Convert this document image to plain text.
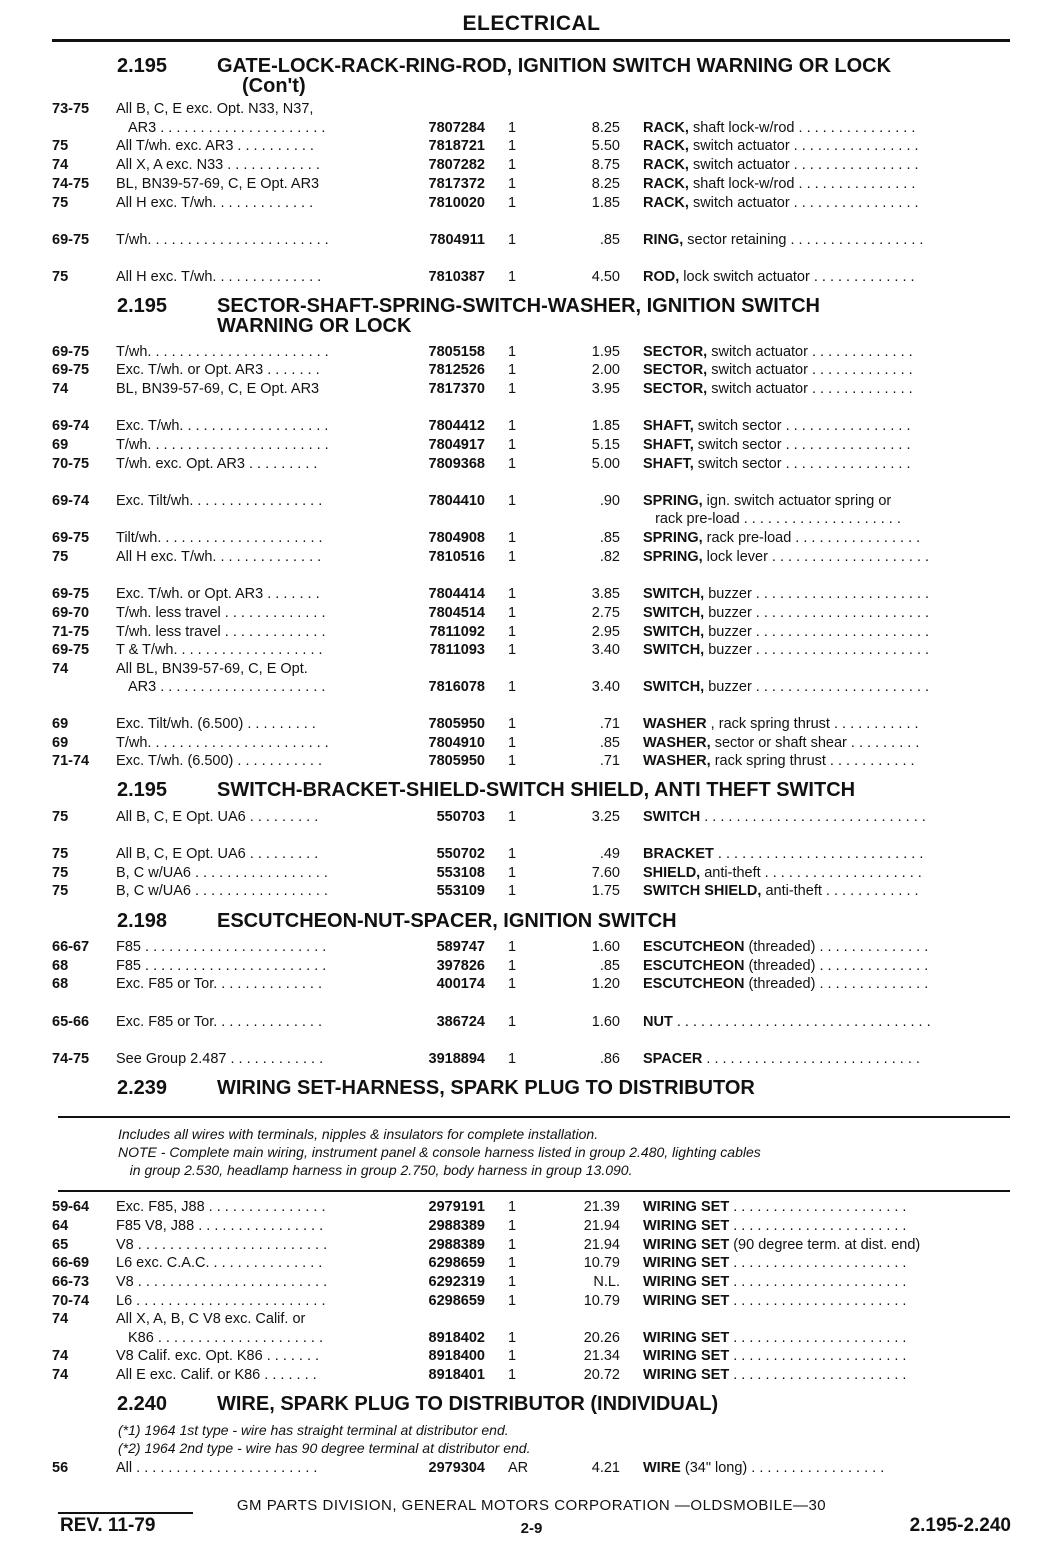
ELECTRICAL
2.195 GATE-LOCK-RACK-RING-ROD, IGNITION SWITCH WARNING OR LOCK
(Con't)
2.195 SECTOR-SHAFT-SPRING-SWITCH-WASHER, IGNITION SWITCH
WARNING OR LOCK
2.195 SWITCH-BRACKET-SHIELD-SWITCH SHIELD, ANTI THEFT SWITCH
2.198 ESCUTCHEON-NUT-SPACER, IGNITION SWITCH
2.239 WIRING SET-HARNESS, SPARK PLUG TO DISTRIBUTOR
Includes all wires with terminals, nipples & insulators for complete installation.
NOTE - Complete main wiring, instrument panel & console harness listed in group 2.480, lighting cables
in group 2.530, headlamp harness in group 2.750, body harness in group 13.090.
2.240 WIRE, SPARK PLUG TO DISTRIBUTOR (INDIVIDUAL)
(*1) 1964 1st type - wire has straight terminal at distributor end.
(*2) 1964 2nd type - wire has 90 degree terminal at distributor end.
73-75 All B, C, E exc. Opt. N33, N37,
AR3 . . . . . . . . . . . . . . . . . . . . .	7807284 1	8.25 RACK, shaft lock-w/rod . . . . . . . . . . . . . . .
75	All T/wh. exc. AR3 . . . . . . . . . .	7818721 1	5.50 RACK, switch actuator . . . . . . . . . . . . . . . .
74	All X, A exc. N33 . . . . . . . . . . . .	7807282 1	8.75 RACK, switch actuator . . . . . . . . . . . . . . . .
74-75 BL, BN39-57-69, C, E Opt. AR3	7817372 1	8.25 RACK, shaft lock-w/rod . . . . . . . . . . . . . . .
75	All H exc. T/wh. . . . . . . . . . . . .	7810020 1	1.85 RACK, switch actuator . . . . . . . . . . . . . . . .
69-75 T/wh. . . . . . . . . . . . . . . . . . . . . . .	7804911 1	.85 RING, sector retaining . . . . . . . . . . . . . . . . .
75	All H exc. T/wh. . . . . . . . . . . . . .	7810387 1	4.50 ROD, lock switch actuator . . . . . . . . . . . . .
69-75 T/wh. . . . . . . . . . . . . . . . . . . . . . .	7805158 1	1.95 SECTOR, switch actuator . . . . . . . . . . . . .
69-75 Exc. T/wh. or Opt. AR3 . . . . . . .	7812526 1	2.00 SECTOR, switch actuator . . . . . . . . . . . . .
74	BL, BN39-57-69, C, E Opt. AR3	7817370 1	3.95 SECTOR, switch actuator . . . . . . . . . . . . .
69-74 Exc. T/wh. . . . . . . . . . . . . . . . . . .	7804412 1	1.85 SHAFT, switch sector . . . . . . . . . . . . . . . .
69	T/wh. . . . . . . . . . . . . . . . . . . . . . .	7804917 1	5.15 SHAFT, switch sector . . . . . . . . . . . . . . . .
70-75 T/wh. exc. Opt. AR3 . . . . . . . . .	7809368 1	5.00 SHAFT, switch sector . . . . . . . . . . . . . . . .
69-74 Exc. Tilt/wh. . . . . . . . . . . . . . . . .	7804410 1	.90 SPRING, ign. switch actuator spring or
rack pre-load . . . . . . . . . . . . . . . . . . . .
69-75 Tilt/wh. . . . . . . . . . . . . . . . . . . . .	7804908 1	.85 SPRING, rack pre-load . . . . . . . . . . . . . . . .
75	All H exc. T/wh. . . . . . . . . . . . . .	7810516 1	.82 SPRING, lock lever . . . . . . . . . . . . . . . . . . . .
69-75 Exc. T/wh. or Opt. AR3 . . . . . . .	7804414 1	3.85 SWITCH, buzzer . . . . . . . . . . . . . . . . . . . . . .
69-70 T/wh. less travel . . . . . . . . . . . . .	7804514 1	2.75 SWITCH, buzzer . . . . . . . . . . . . . . . . . . . . . .
71-75 T/wh. less travel . . . . . . . . . . . . .	7811092 1	2.95 SWITCH, buzzer . . . . . . . . . . . . . . . . . . . . . .
69-75 T & T/wh. . . . . . . . . . . . . . . . . . .	7811093 1	3.40 SWITCH, buzzer . . . . . . . . . . . . . . . . . . . . . .
74	All BL, BN39-57-69, C, E Opt.
AR3 . . . . . . . . . . . . . . . . . . . . .	7816078 1	3.40 SWITCH, buzzer . . . . . . . . . . . . . . . . . . . . . .
69	Exc. Tilt/wh. (6.500) . . . . . . . . .	7805950 1	.71 WASHER , rack spring thrust . . . . . . . . . . .
69	T/wh. . . . . . . . . . . . . . . . . . . . . . .	7804910 1	.85 WASHER, sector or shaft shear . . . . . . . . .
71-74 Exc. T/wh. (6.500) . . . . . . . . . . .	7805950 1	.71 WASHER, rack spring thrust . . . . . . . . . . .
75	All B, C, E Opt. UA6 . . . . . . . . .	550703 1	3.25 SWITCH . . . . . . . . . . . . . . . . . . . . . . . . . . . .
75	All B, C, E Opt. UA6 . . . . . . . . .	550702 1	.49 BRACKET . . . . . . . . . . . . . . . . . . . . . . . . . .
75	B, C w/UA6 . . . . . . . . . . . . . . . . .	553108 1	7.60 SHIELD, anti-theft . . . . . . . . . . . . . . . . . . . .
75	B, C w/UA6 . . . . . . . . . . . . . . . . .	553109 1	1.75 SWITCH SHIELD, anti-theft . . . . . . . . . . . .
66-67 F85 . . . . . . . . . . . . . . . . . . . . . . .	589747 1	1.60 ESCUTCHEON (threaded) . . . . . . . . . . . . . .
68	F85 . . . . . . . . . . . . . . . . . . . . . . .	397826 1	.85 ESCUTCHEON (threaded) . . . . . . . . . . . . . .
68	Exc. F85 or Tor. . . . . . . . . . . . . .	400174 1	1.20 ESCUTCHEON (threaded) . . . . . . . . . . . . . .
65-66 Exc. F85 or Tor. . . . . . . . . . . . . .	386724 1	1.60 NUT . . . . . . . . . . . . . . . . . . . . . . . . . . . . . . . .
74-75 See Group 2.487 . . . . . . . . . . . .	3918894 1	.86 SPACER . . . . . . . . . . . . . . . . . . . . . . . . . . .
59-64 Exc. F85, J88 . . . . . . . . . . . . . . .	2979191 1	21.39 WIRING SET . . . . . . . . . . . . . . . . . . . . . .
64	F85 V8, J88 . . . . . . . . . . . . . . . .	2988389 1	21.94 WIRING SET . . . . . . . . . . . . . . . . . . . . . .
65	V8 . . . . . . . . . . . . . . . . . . . . . . . .	2988389 1	21.94 WIRING SET (90 degree term. at dist. end)
66-69 L6 exc. C.A.C. . . . . . . . . . . . . . .	6298659 1	10.79 WIRING SET . . . . . . . . . . . . . . . . . . . . . .
66-73 V8 . . . . . . . . . . . . . . . . . . . . . . . .	6292319 1	N.L. WIRING SET . . . . . . . . . . . . . . . . . . . . . .
70-74 L6 . . . . . . . . . . . . . . . . . . . . . . . .	6298659 1	10.79 WIRING SET . . . . . . . . . . . . . . . . . . . . . .
74	All X, A, B, C V8 exc. Calif. or
K86 . . . . . . . . . . . . . . . . . . . . .	8918402 1	20.26 WIRING SET . . . . . . . . . . . . . . . . . . . . . .
74	V8 Calif. exc. Opt. K86 . . . . . . .	8918400 1	21.34 WIRING SET . . . . . . . . . . . . . . . . . . . . . .
74	All E exc. Calif. or K86 . . . . . . .	8918401 1	20.72 WIRING SET . . . . . . . . . . . . . . . . . . . . . .
56	All . . . . . . . . . . . . . . . . . . . . . . .	2979304 AR	4.21 WIRE (34" long) . . . . . . . . . . . . . . . . .
GM PARTS DIVISION, GENERAL MOTORS CORPORATION —OLDSMOBILE—30
REV. 11-79	2-9	2.195-2.240
